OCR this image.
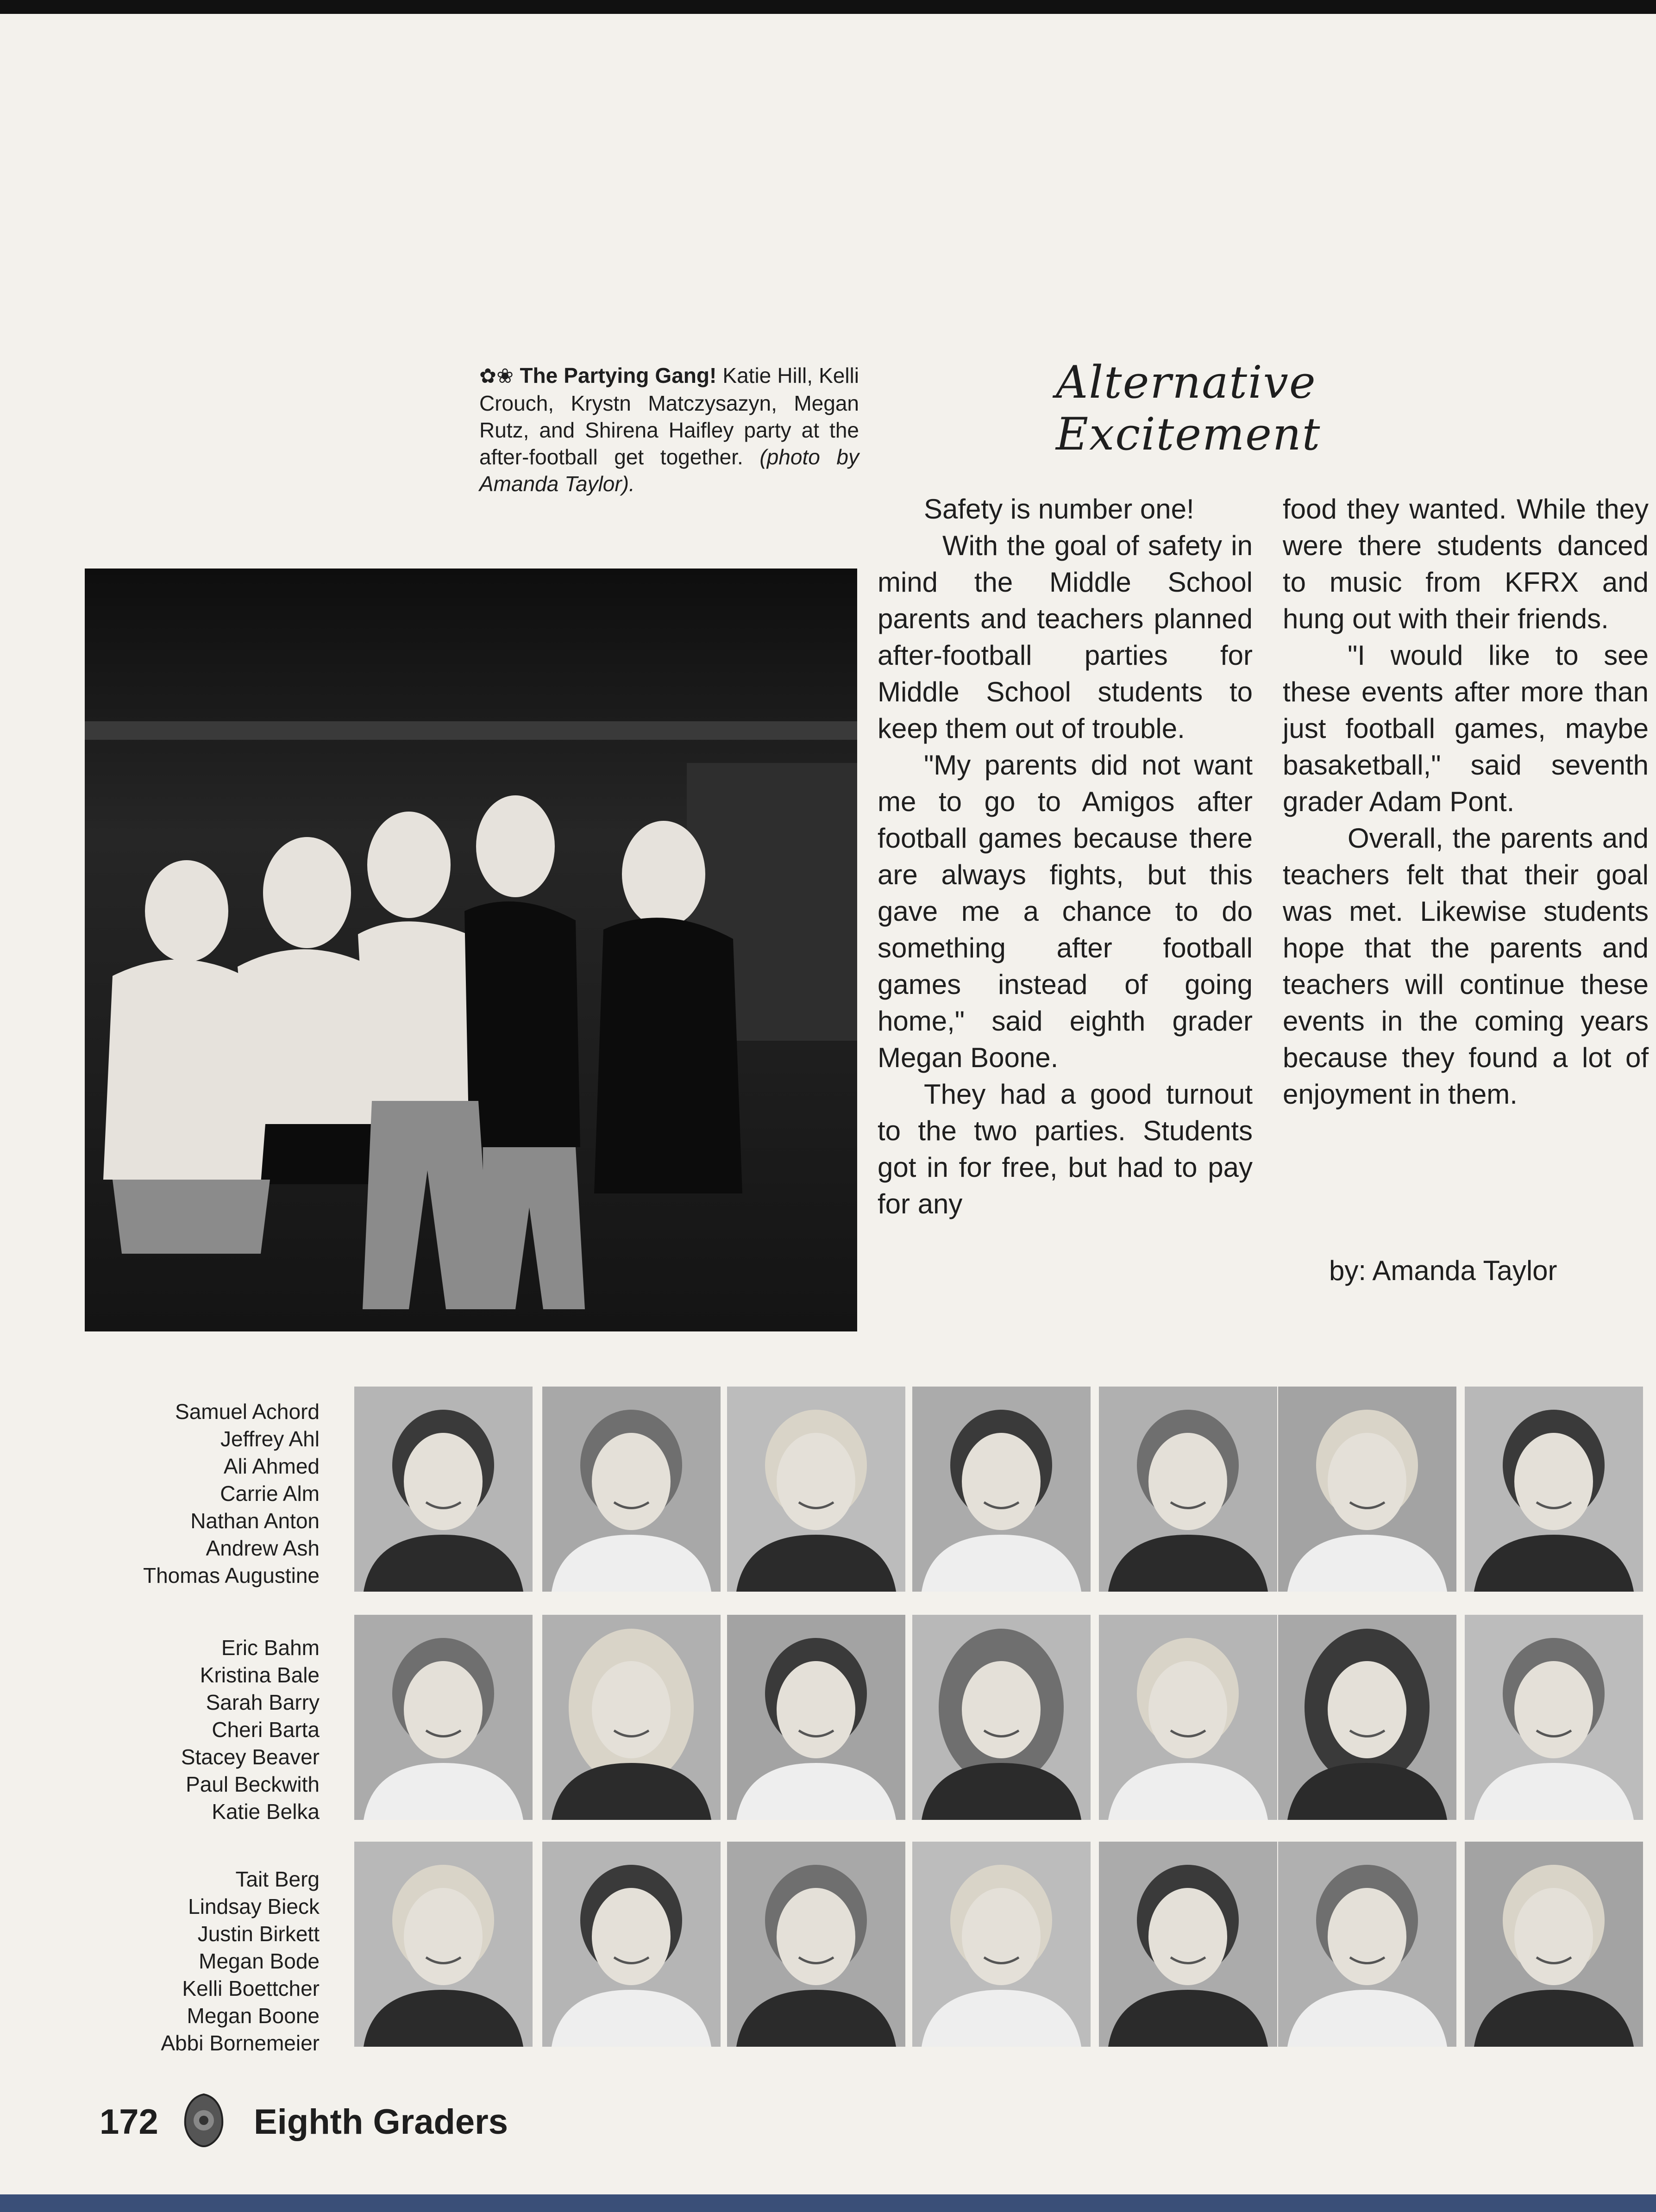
✿❀ The Partying Gang! Katie Hill, Kelli Crouch, Krystn Matczysazyn, Megan Rutz, and Shirena Haifley party at the after-football get together. (photo by Amanda Taylor).
Alternative Excitement

Safety is number one!

With the goal of safety in mind the Middle School parents and teachers planned after-football parties for Middle School students to keep them out of trouble.

"My parents did not want me to go to Amigos after football games because there are always fights, but this gave me a chance to do something after football games instead of going home," said eighth grader Megan Boone.

They had a good turnout to the two parties. Students got in for free, but had to pay for any

food they wanted. While they were there students danced to music from KFRX and hung out with their friends.

"I would like to see these events after more than just football games, maybe basaketball," said seventh grader Adam Pont.

Overall, the parents and teachers felt that their goal was met. Likewise students hope that the parents and teachers will continue these events in the coming years because they found a lot of enjoyment in them.

by: Amanda Taylor
Samuel Achord
Jeffrey Ahl
Ali Ahmed
Carrie Alm
Nathan Anton
Andrew Ash
Thomas Augustine
Eric Bahm
Kristina Bale
Sarah Barry
Cheri Barta
Stacey Beaver
Paul Beckwith
Katie Belka
Tait Berg
Lindsay Bieck
Justin Birkett
Megan Bode
Kelli Boettcher
Megan Boone
Abbi Bornemeier
172	Eighth Graders
